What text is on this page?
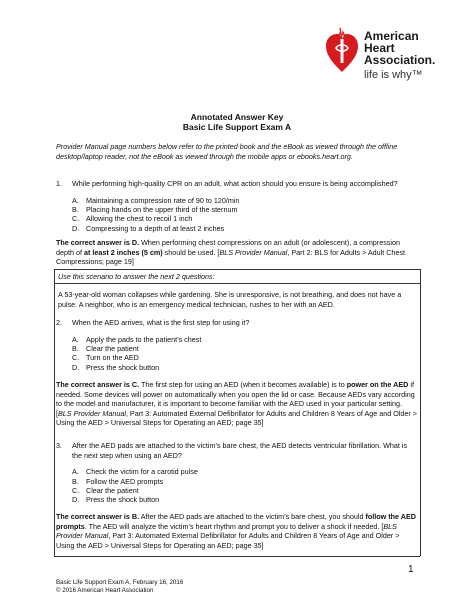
American
Heart
Association.
life is why™
Annotated Answer Key
Basic Life Support Exam A
Provider Manual page numbers below refer to the printed book and the eBook as viewed through the offline desktop/laptop reader, not the eBook as viewed through the mobile apps or ebooks.heart.org.
1. While performing high-quality CPR on an adult, what action should you ensure is being accomplished?
A. Maintaining a compression rate of 90 to 120/min
B. Placing hands on the upper third of the sternum
C. Allowing the chest to recoil 1 inch
D. Compressing to a depth of at least 2 inches
The correct answer is D. When performing chest compressions on an adult (or adolescent), a compression depth of at least 2 inches (5 cm) should be used. [BLS Provider Manual, Part 2: BLS for Adults > Adult Chest Compressions; page 19]
Use this scenario to answer the next 2 questions:
A 53-year-old woman collapses while gardening. She is unresponsive, is not breathing, and does not have a pulse. A neighbor, who is an emergency medical technician, rushes to her with an AED.
2. When the AED arrives, what is the first step for using it?
A. Apply the pads to the patient’s chest
B. Clear the patient
C. Turn on the AED
D. Press the shock button
The correct answer is C. The first step for using an AED (when it becomes available) is to power on the AED if needed. Some devices will power on automatically when you open the lid or case. Because AEDs vary according to the model and manufacturer, it is important to become familiar with the AED used in your particular setting. [BLS Provider Manual, Part 3: Automated External Defibrillator for Adults and Children 8 Years of Age and Older > Using the AED > Universal Steps for Operating an AED; page 35]
3. After the AED pads are attached to the victim’s bare chest, the AED detects ventricular fibrillation. What is the next step when using an AED?
A. Check the victim for a carotid pulse
B. Follow the AED prompts
C. Clear the patient
D. Press the shock button
The correct answer is B. After the AED pads are attached to the victim’s bare chest, you should follow the AED prompts. The AED will analyze the victim’s heart rhythm and prompt you to deliver a shock if needed. [BLS Provider Manual, Part 3: Automated External Defibrillator for Adults and Children 8 Years of Age and Older > Using the AED > Universal Steps for Operating an AED; page 35]
1
Basic Life Support Exam A, February 16, 2016
© 2016 American Heart Association
